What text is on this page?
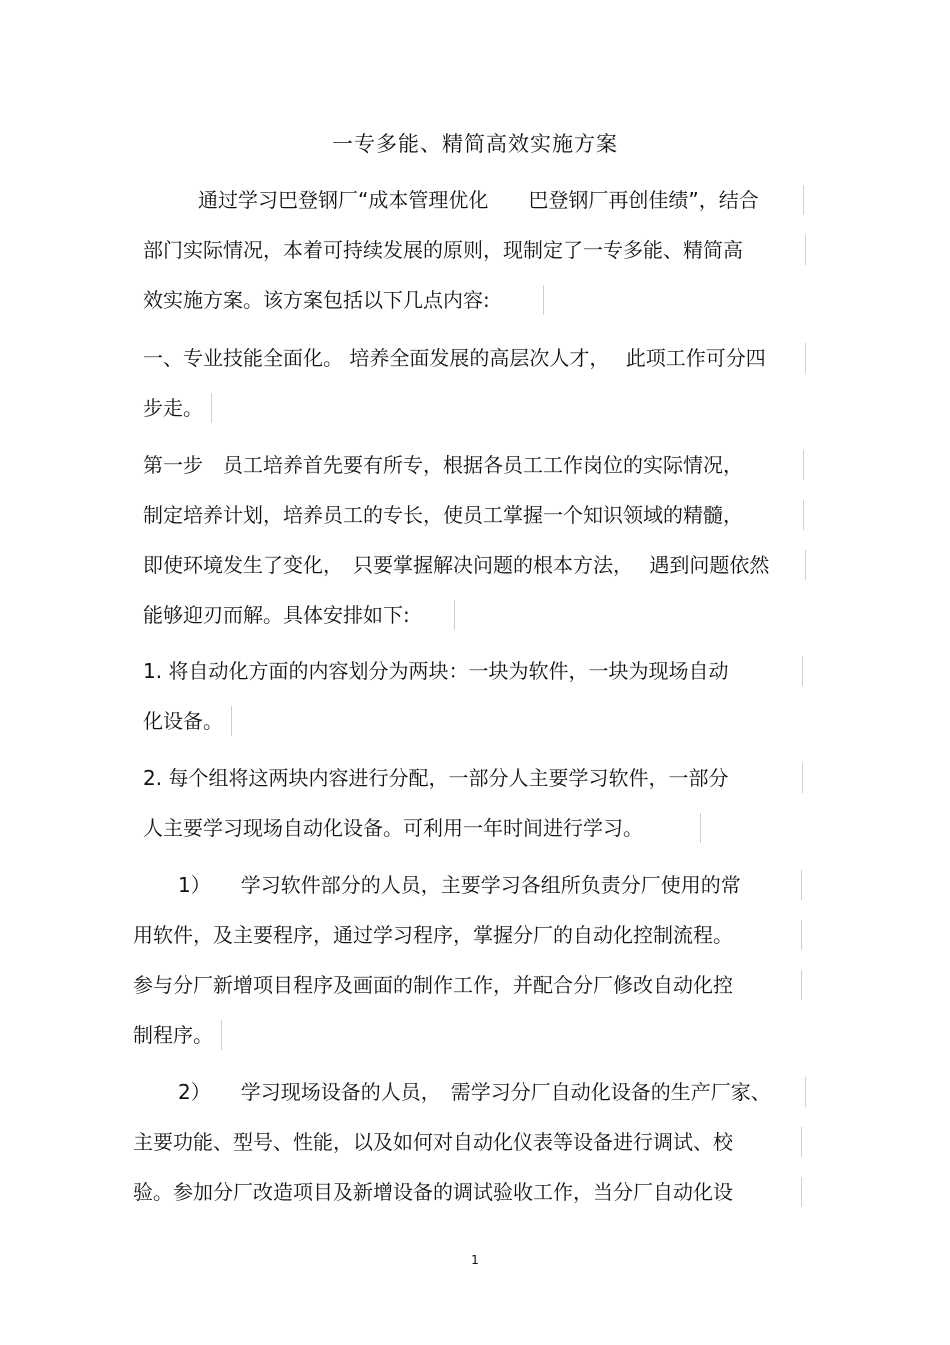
一专多能、精简高效实施方案
通过学习巴登钢厂“成本管理优化　　巴登钢厂再创佳绩”，结合
部门实际情况，本着可持续发展的原则，现制定了一专多能、精简高
效实施方案。该方案包括以下几点内容:
一、专业技能全面化。 培养全面发展的高层次人才，　 此项工作可分四
步走。
第一步　员工培养首先要有所专，根据各员工工作岗位的实际情况，
制定培养计划，培养员工的专长，使员工掌握一个知识领域的精髓，
即使环境发生了变化，　只要掌握解决问题的根本方法，　 遇到问题依然
能够迎刃而解。具体安排如下:
1. 将自动化方面的内容划分为两块：一块为软件，一块为现场自动
化设备。
2. 每个组将这两块内容进行分配，一部分人主要学习软件，一部分
人主要学习现场自动化设备。可利用一年时间进行学习。
1）　　学习软件部分的人员，主要学习各组所负责分厂使用的常
用软件，及主要程序，通过学习程序，掌握分厂的自动化控制流程。
参与分厂新增项目程序及画面的制作工作，并配合分厂修改自动化控
制程序。
2）　　学习现场设备的人员，　需学习分厂自动化设备的生产厂家、
主要功能、型号、性能，以及如何对自动化仪表等设备进行调试、校
验。参加分厂改造项目及新增设备的调试验收工作，当分厂自动化设
1
